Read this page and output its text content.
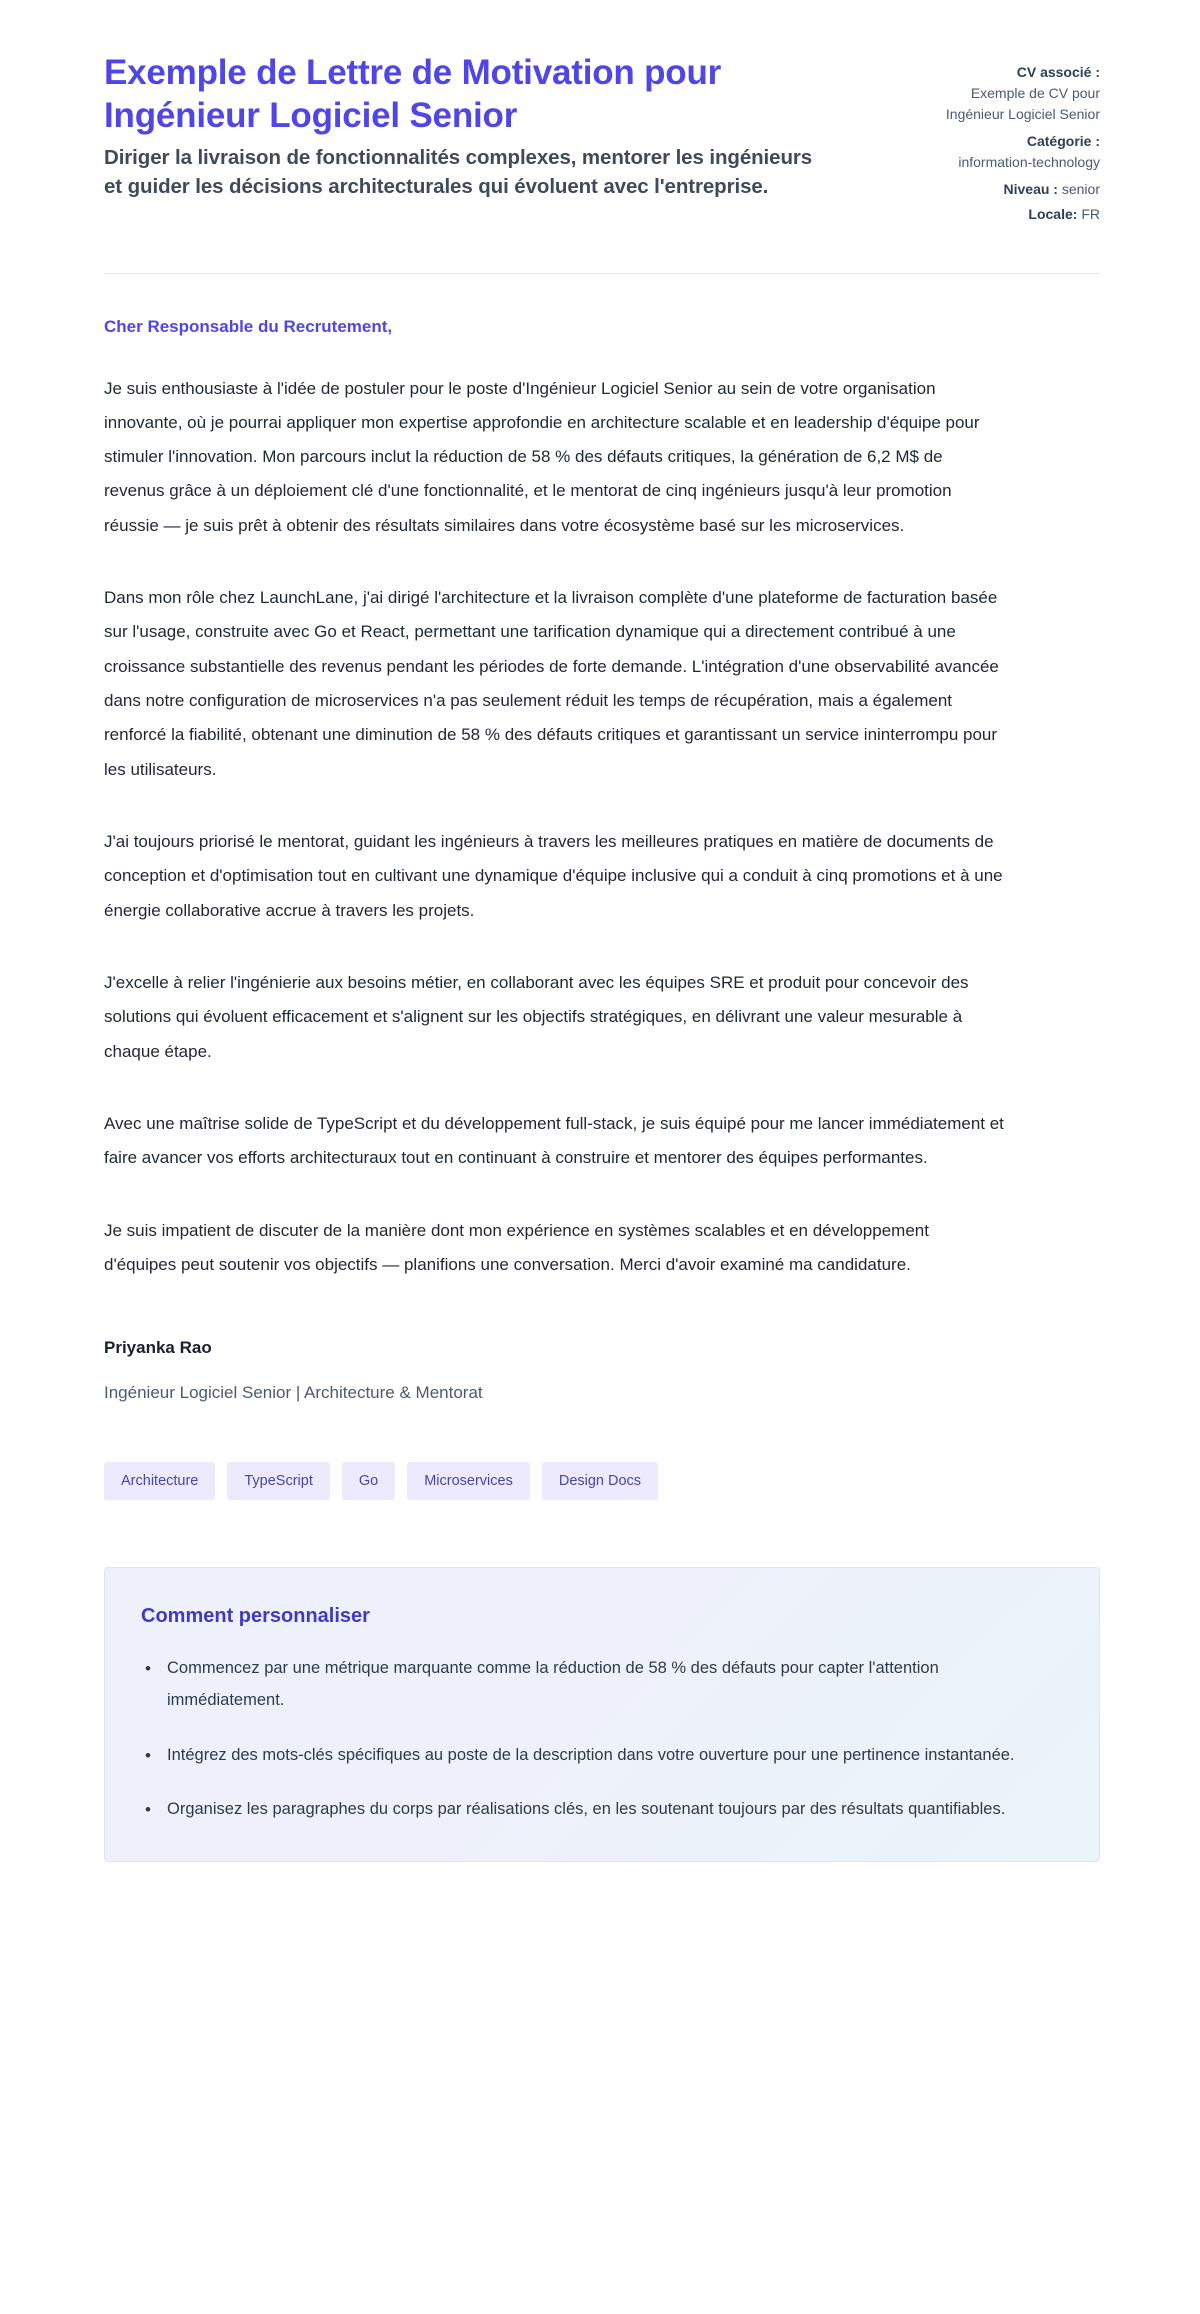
Exemple de Lettre de Motivation pour Ingénieur Logiciel Senior

Diriger la livraison de fonctionnalités complexes, mentorer les ingénieurs et guider les décisions architecturales qui évoluent avec l'entreprise.

CV associé :
Exemple de CV pour Ingénieur Logiciel Senior
Catégorie :
information-technology
Niveau : senior
Locale: FR

Cher Responsable du Recrutement,

Je suis enthousiaste à l'idée de postuler pour le poste d'Ingénieur Logiciel Senior au sein de votre organisation innovante, où je pourrai appliquer mon expertise approfondie en architecture scalable et en leadership d'équipe pour stimuler l'innovation. Mon parcours inclut la réduction de 58 % des défauts critiques, la génération de 6,2 M$ de revenus grâce à un déploiement clé d'une fonctionnalité, et le mentorat de cinq ingénieurs jusqu'à leur promotion réussie — je suis prêt à obtenir des résultats similaires dans votre écosystème basé sur les microservices.

Dans mon rôle chez LaunchLane, j'ai dirigé l'architecture et la livraison complète d'une plateforme de facturation basée sur l'usage, construite avec Go et React, permettant une tarification dynamique qui a directement contribué à une croissance substantielle des revenus pendant les périodes de forte demande. L'intégration d'une observabilité avancée dans notre configuration de microservices n'a pas seulement réduit les temps de récupération, mais a également renforcé la fiabilité, obtenant une diminution de 58 % des défauts critiques et garantissant un service ininterrompu pour les utilisateurs.

J'ai toujours priorisé le mentorat, guidant les ingénieurs à travers les meilleures pratiques en matière de documents de conception et d'optimisation tout en cultivant une dynamique d'équipe inclusive qui a conduit à cinq promotions et à une énergie collaborative accrue à travers les projets.

J'excelle à relier l'ingénierie aux besoins métier, en collaborant avec les équipes SRE et produit pour concevoir des solutions qui évoluent efficacement et s'alignent sur les objectifs stratégiques, en délivrant une valeur mesurable à chaque étape.

Avec une maîtrise solide de TypeScript et du développement full-stack, je suis équipé pour me lancer immédiatement et faire avancer vos efforts architecturaux tout en continuant à construire et mentorer des équipes performantes.

Je suis impatient de discuter de la manière dont mon expérience en systèmes scalables et en développement d'équipes peut soutenir vos objectifs — planifions une conversation. Merci d'avoir examiné ma candidature.

Priyanka Rao

Ingénieur Logiciel Senior | Architecture & Mentorat

Architecture	TypeScript	Go	Microservices	Design Docs
Comment personnaliser
• Commencez par une métrique marquante comme la réduction de 58 % des défauts pour capter l'attention immédiatement.
• Intégrez des mots-clés spécifiques au poste de la description dans votre ouverture pour une pertinence instantanée.
• Organisez les paragraphes du corps par réalisations clés, en les soutenant toujours par des résultats quantifiables.
